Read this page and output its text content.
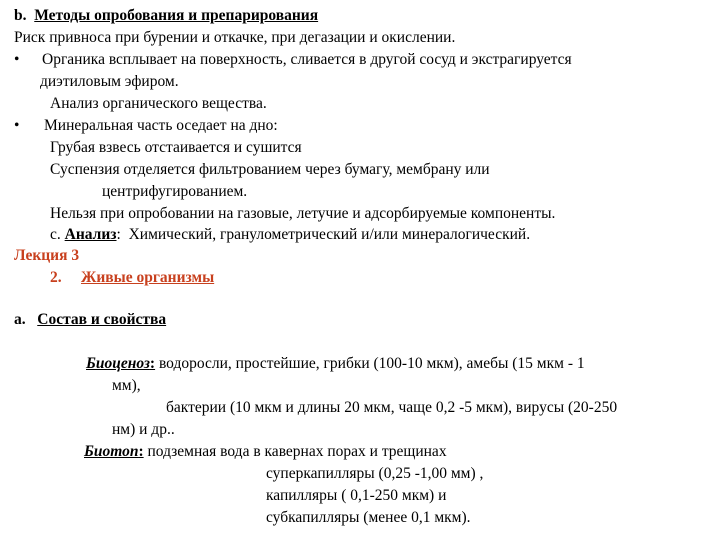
b. Методы опробования и препарирования
Риск привноса при бурении и откачке, при дегазации и окислении.
• Органика всплывает на поверхность, сливается в другой сосуд и экстрагируется
диэтиловым эфиром.
Анализ органического вещества.
• Минеральная часть оседает на дно:
Грубая взвесь отстаивается и сушится
Суспензия отделяется фильтрованием через бумагу, мембрану или
центрифугированием.
Нельзя при опробовании на газовые, летучие и адсорбируемые компоненты.
c. Анализ: Химический, гранулометрический и/или минералогический.
Лекция 3
2. Живые организмы
a. Состав и свойства
Биоценоз: водоросли, простейшие, грибки (100-10 мкм), амебы (15 мкм - 1
мм),
бактерии (10 мкм и длины 20 мкм, чаще 0,2 -5 мкм), вирусы (20-250
нм) и др..
Биотоп: подземная вода в кавернах порах и трещинах
суперкапилляры (0,25 -1,00 мм) ,
капилляры ( 0,1-250 мкм) и
субкапилляры (менее 0,1 мкм).
